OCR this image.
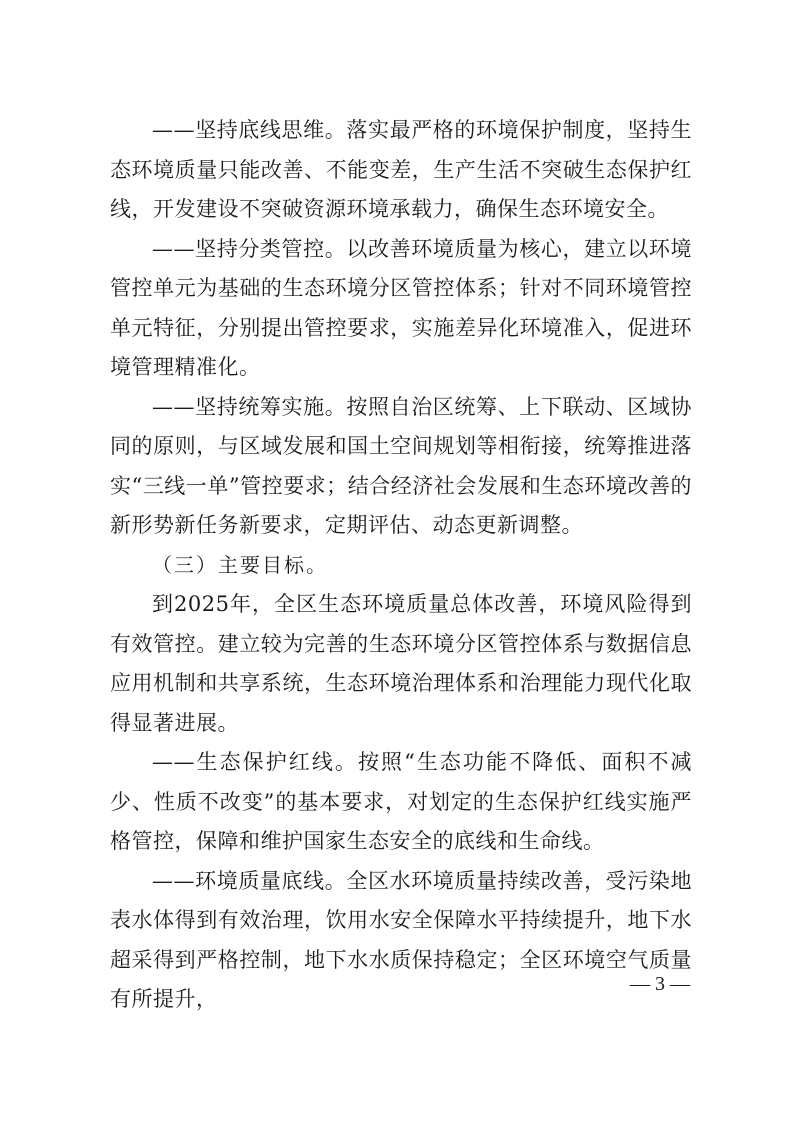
——坚持底线思维。落实最严格的环境保护制度，坚持生态环境质量只能改善、不能变差，生产生活不突破生态保护红线，开发建设不突破资源环境承载力，确保生态环境安全。

——坚持分类管控。以改善环境质量为核心，建立以环境管控单元为基础的生态环境分区管控体系；针对不同环境管控单元特征，分别提出管控要求，实施差异化环境准入，促进环境管理精准化。

——坚持统筹实施。按照自治区统筹、上下联动、区域协同的原则，与区域发展和国土空间规划等相衔接，统筹推进落实“三线一单”管控要求；结合经济社会发展和生态环境改善的新形势新任务新要求，定期评估、动态更新调整。

（三）主要目标。

到2025年，全区生态环境质量总体改善，环境风险得到有效管控。建立较为完善的生态环境分区管控体系与数据信息应用机制和共享系统，生态环境治理体系和治理能力现代化取得显著进展。

——生态保护红线。按照“生态功能不降低、面积不减少、性质不改变”的基本要求，对划定的生态保护红线实施严格管控，保障和维护国家生态安全的底线和生命线。

——环境质量底线。全区水环境质量持续改善，受污染地表水体得到有效治理，饮用水安全保障水平持续提升，地下水超采得到严格控制，地下水水质保持稳定；全区环境空气质量有所提升，

— 3 —
